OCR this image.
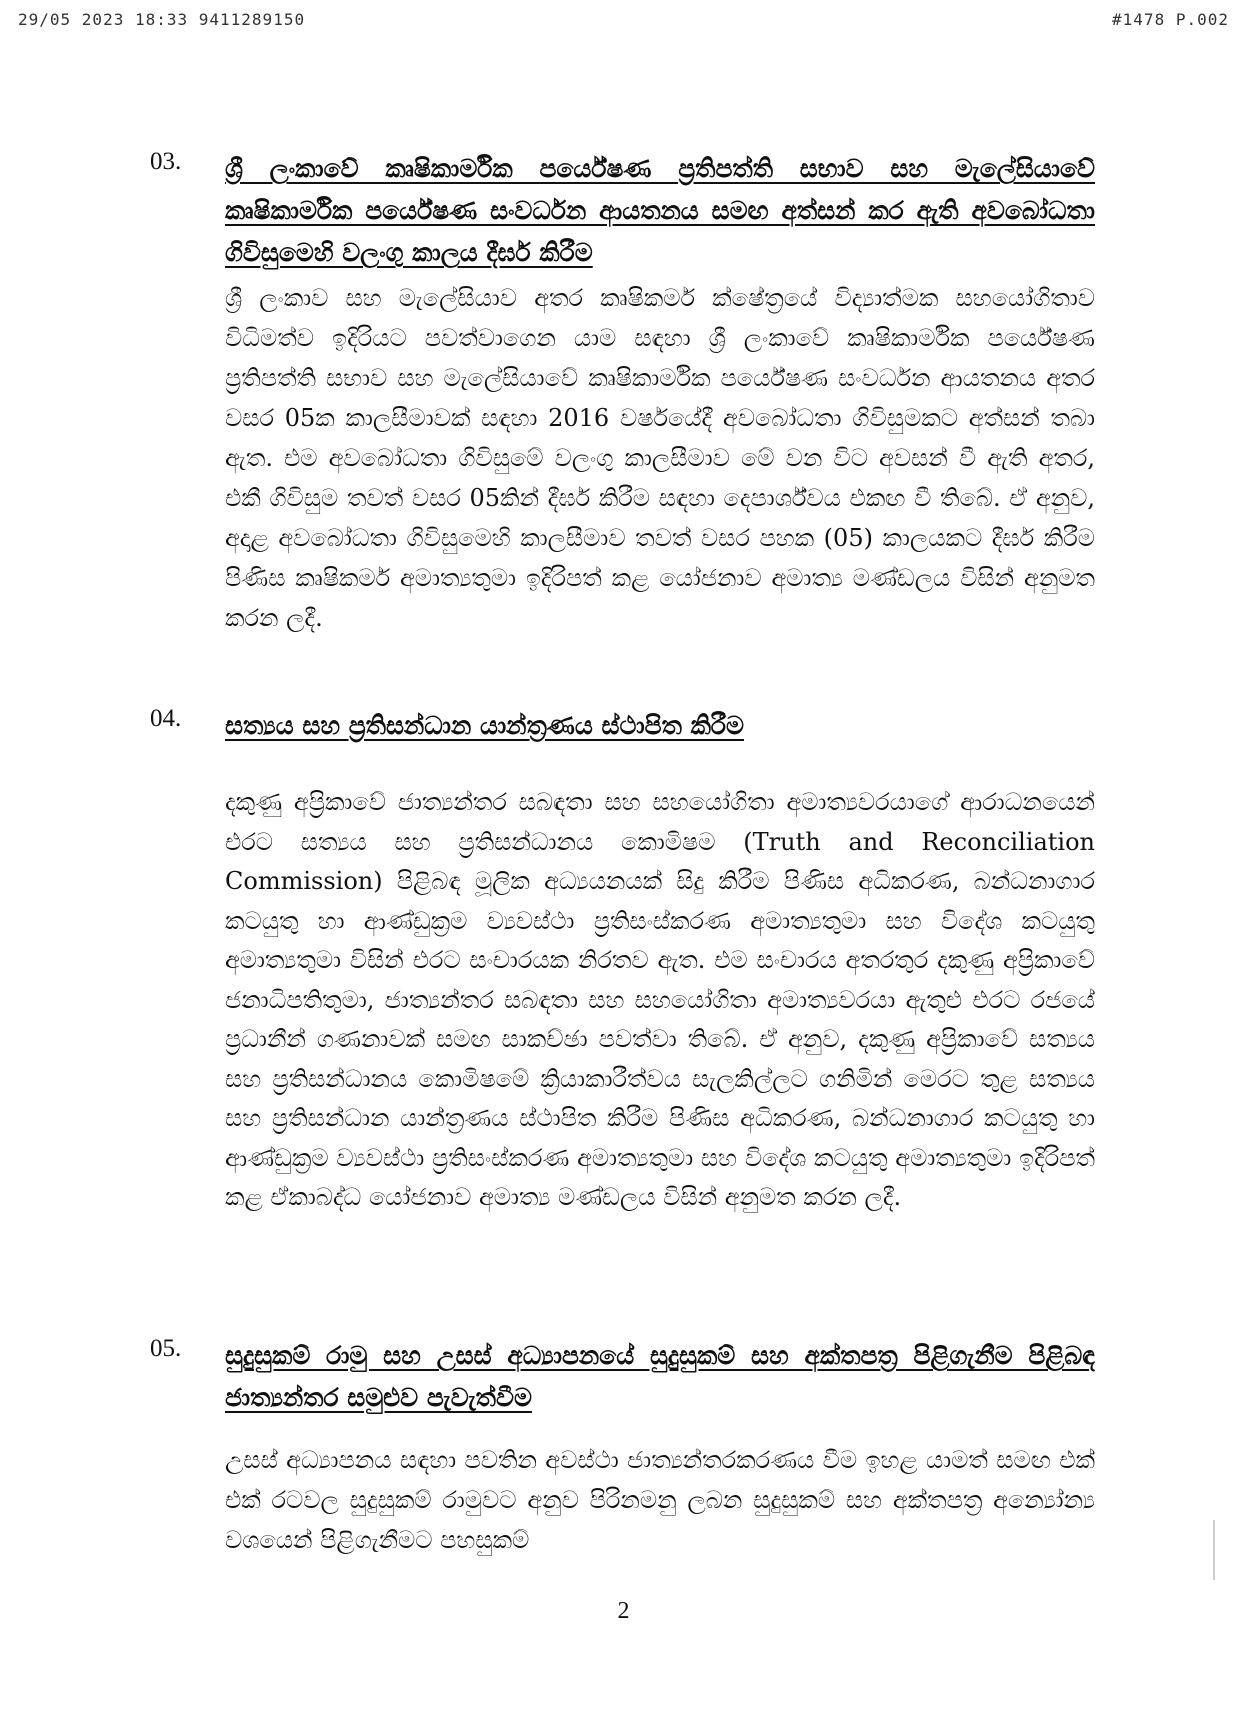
29/05 2023 18:33 9411289150	#1478 P.002
03.	ශ්‍රී ලංකාවේ කෘෂිකාර්මික පර්යේෂණ ප්‍රතිපත්ති සභාව සහ මැලේසියාවේ කෘෂිකාර්මික පර්යේෂණ සංවර්ධන ආයතනය සමඟ අත්සන් කර ඇති අවබෝධතා ගිවිසුමෙහි වලංගු කාලය දීර්ඝ කිරීම
ශ්‍රී ලංකාව සහ මැලේසියාව අතර කෘෂිකර්ම ක්ෂේත්‍රයේ විද්‍යාත්මක සහයෝගිතාව විධිමත්ව ඉදිරියට පවත්වාගෙන යාම සඳහා ශ්‍රී ලංකාවේ කෘෂිකාර්මික පර්යේෂණ ප්‍රතිපත්ති සභාව සහ මැලේසියාවේ කෘෂිකාර්මික පර්යේෂණ සංවර්ධන ආයතනය අතර වසර 05ක කාලසීමාවක් සඳහා 2016 වර්ෂයේදී අවබෝධතා ගිවිසුමකට අත්සන් තබා ඇත. එම අවබෝධතා ගිවිසුමේ වලංගු කාලසීමාව මේ වන විට අවසන් වී ඇති අතර, එකී ගිවිසුම තවත් වසර 05කින් දීර්ඝ කිරීම සඳහා දෙපාර්ශ්වය එකඟ වී තිබේ. ඒ අනුව, අදාළ අවබෝධතා ගිවිසුමෙහි කාලසීමාව තවත් වසර පහක (05) කාලයකට දීර්ඝ කිරීම පිණිස කෘෂිකර්ම අමාත්‍යතුමා ඉදිරිපත් කළ යෝජනාව අමාත්‍ය මණ්ඩලය විසින් අනුමත කරන ලදී.
04.	සත්‍යය සහ ප්‍රතිසන්ධාන යාන්ත්‍රණය ස්ථාපිත කිරීම
දකුණු අප්‍රිකාවේ ජාත්‍යන්තර සබඳතා සහ සහයෝගිතා අමාත්‍යවරයාගේ ආරාධනයෙන් එරට සත්‍යය සහ ප්‍රතිසන්ධානය කොමිෂම (Truth and Reconciliation Commission) පිළිබඳ මූලික අධ්‍යයනයක් සිදු කිරීම පිණිස අධිකරණ, බන්ධනාගාර කටයුතු හා ආණ්ඩුක්‍රම ව්‍යවස්ථා ප්‍රතිසංස්කරණ අමාත්‍යතුමා සහ විදේශ කටයුතු අමාත්‍යතුමා විසින් එරට සංචාරයක නිරතව ඇත. එම සංචාරය අතරතුර දකුණු අප්‍රිකාවේ ජනාධිපතිතුමා, ජාත්‍යන්තර සබඳතා සහ සහයෝගිතා අමාත්‍යවරයා ඇතුළු එරට රජයේ ප්‍රධානීන් ගණනාවක් සමඟ සාකච්ඡා පවත්වා තිබේ. ඒ අනුව, දකුණු අප්‍රිකාවේ සත්‍යය සහ ප්‍රතිසන්ධානය කොමිෂමේ ක්‍රියාකාරීත්වය සැලකිල්ලට ගනිමින් මෙරට තුළ සත්‍යය සහ ප්‍රතිසන්ධාන යාන්ත්‍රණය ස්ථාපිත කිරීම පිණිස අධිකරණ, බන්ධනාගාර කටයුතු හා ආණ්ඩුක්‍රම ව්‍යවස්ථා ප්‍රතිසංස්කරණ අමාත්‍යතුමා සහ විදේශ කටයුතු අමාත්‍යතුමා ඉදිරිපත් කළ ඒකාබද්ධ යෝජනාව අමාත්‍ය මණ්ඩලය විසින් අනුමත කරන ලදී.
05.	සුදුසුකම් රාමු සහ උසස් අධ්‍යාපනයේ සුදුසුකම් සහ අක්තපත්‍ර පිළිගැනීම පිළිබඳ ජාත්‍යන්තර සමුළුව පැවැත්වීම
උසස් අධ්‍යාපනය සඳහා පවතින අවස්ථා ජාත්‍යන්තරකරණය වීම ඉහළ යාමත් සමඟ එක් එක් රටවල සුදුසුකම් රාමුවට අනුව පිරිනමනු ලබන සුදුසුකම් සහ අක්තපත්‍ර අන්‍යෝන්‍ය වශයෙන් පිළිගැනීමට පහසුකම්
2
